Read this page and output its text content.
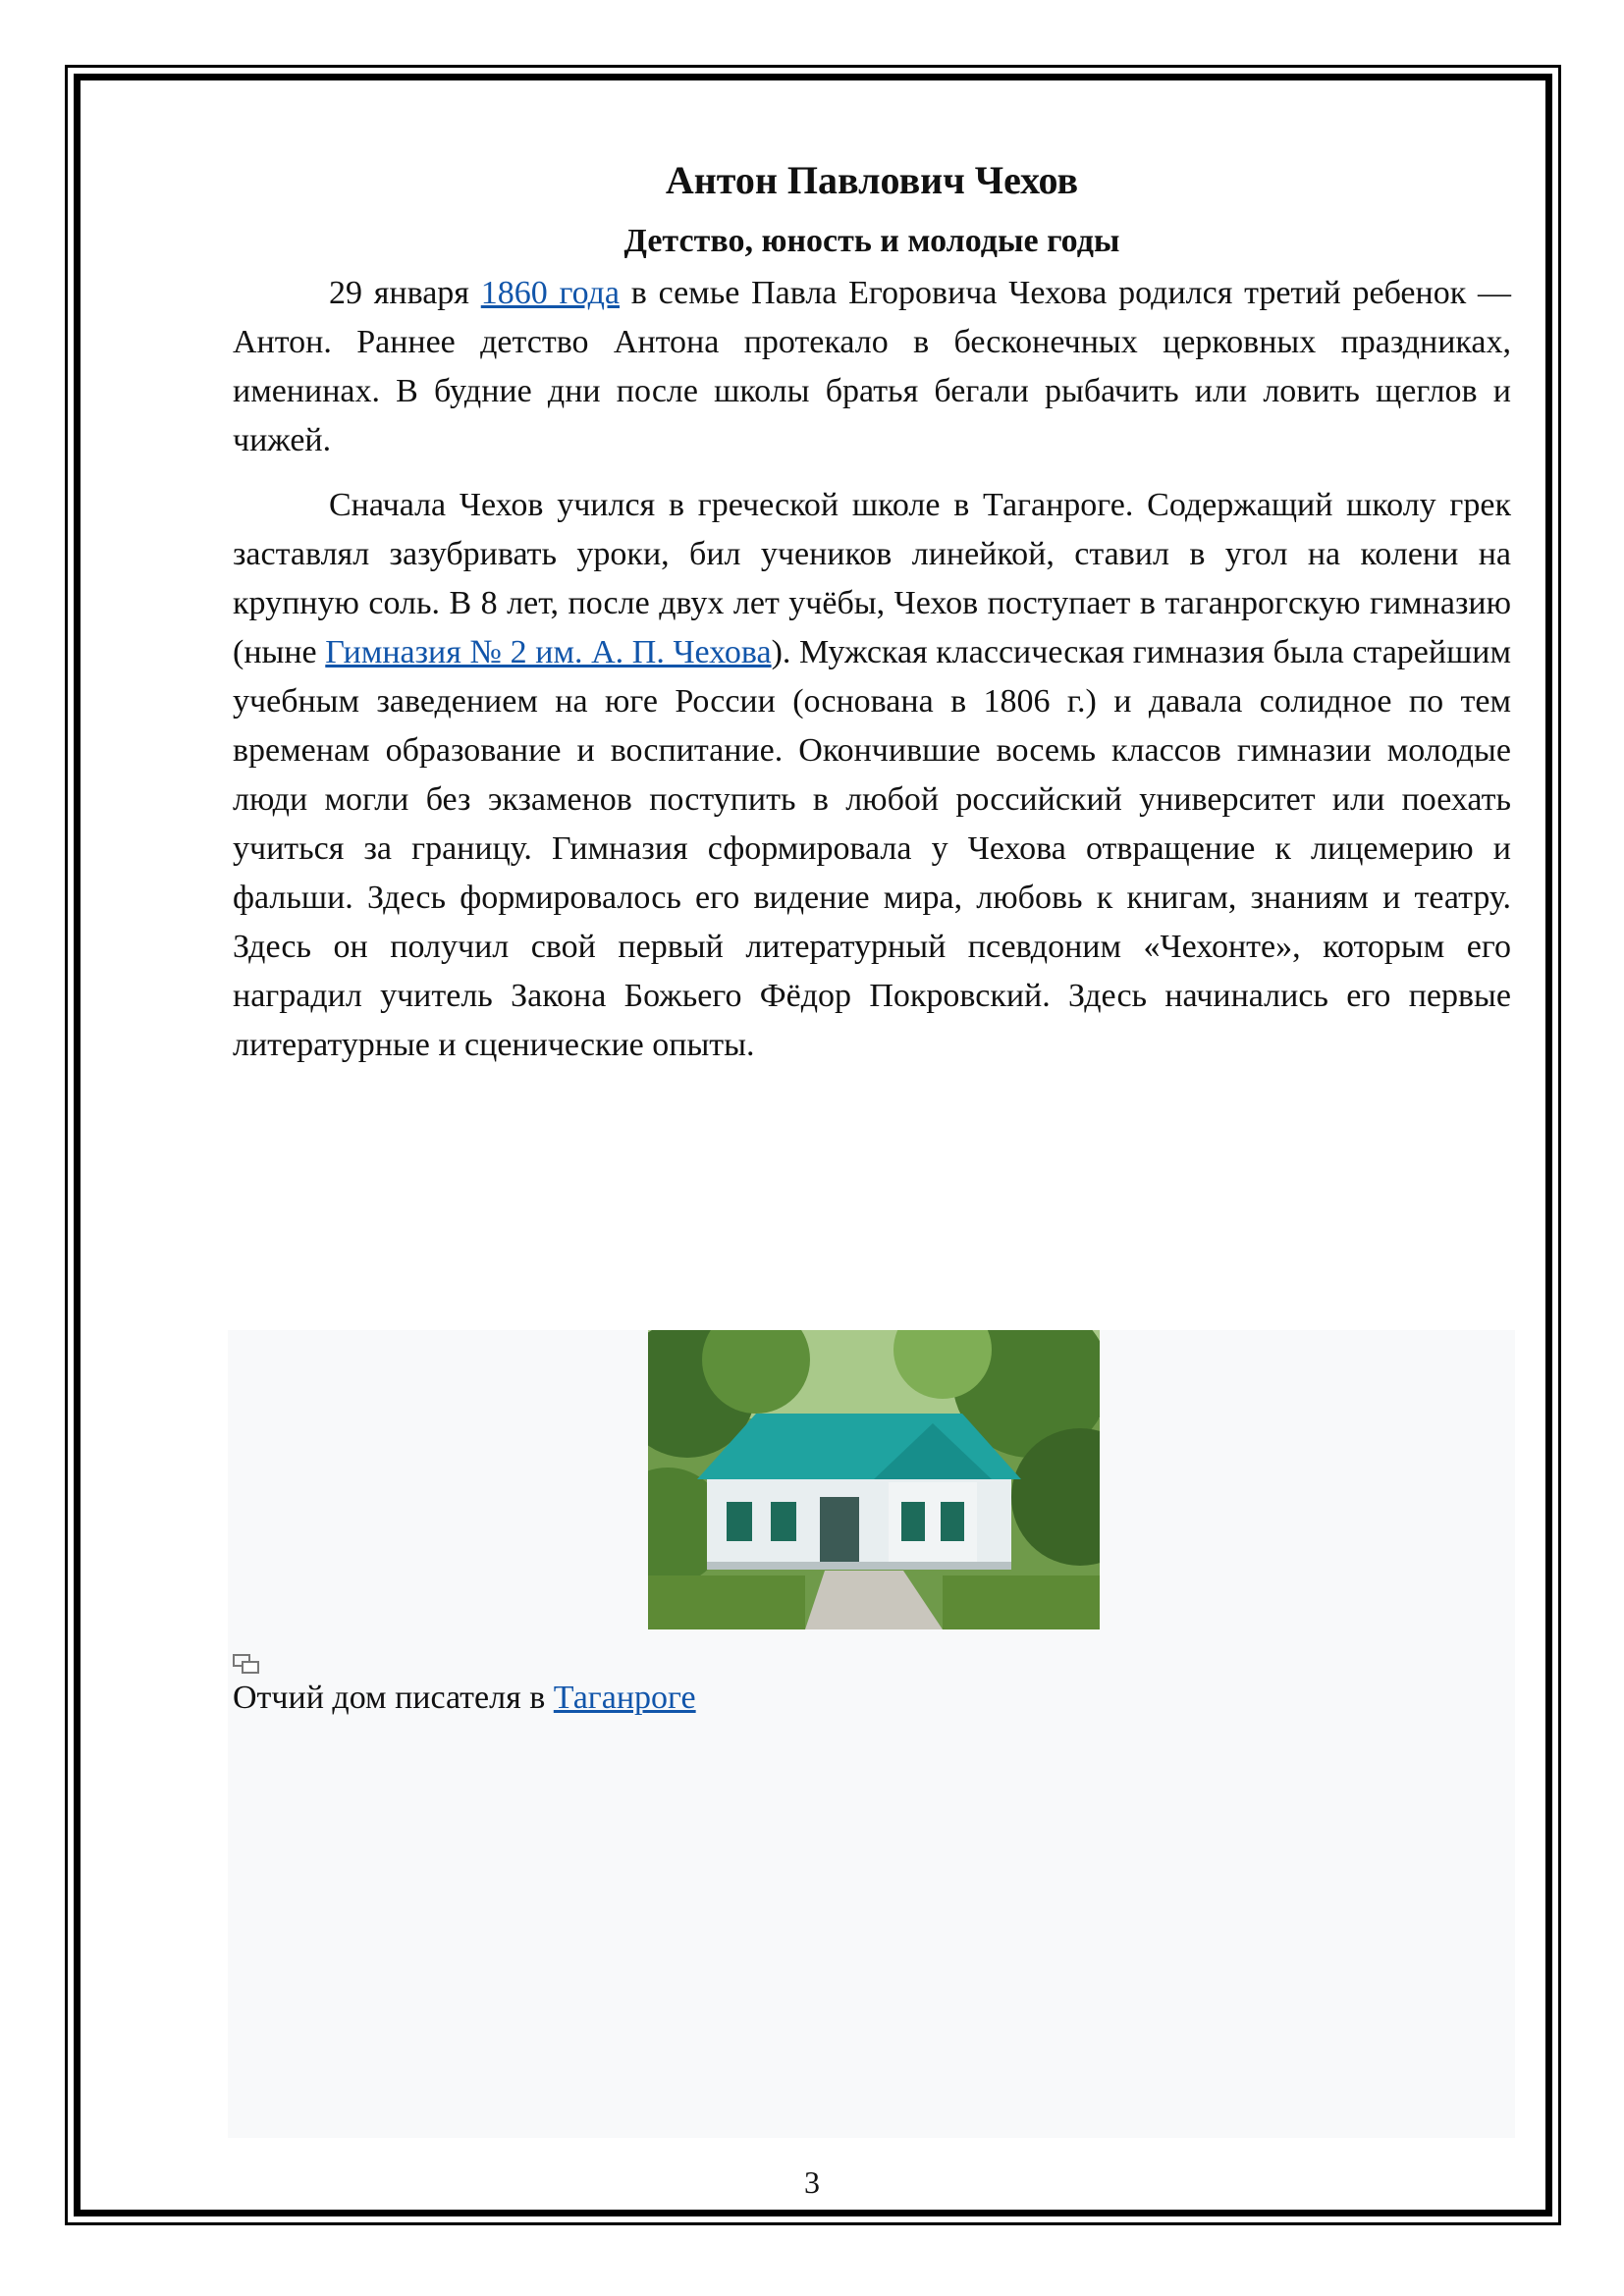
Антон Павлович Чехов
Детство, юность и молодые годы

29 января 1860 года в семье Павла Егоровича Чехова родился третий ребенок — Антон. Раннее детство Антона протекало в бесконечных церковных праздниках, именинах. В будние дни после школы братья бегали рыбачить или ловить щеглов и чижей.

Сначала Чехов учился в греческой школе в Таганроге. Содержащий школу грек заставлял зазубривать уроки, бил учеников линейкой, ставил в угол на колени на крупную соль. В 8 лет, после двух лет учёбы, Чехов поступает в таганрогскую гимназию (ныне Гимназия № 2 им. А. П. Чехова). Мужская классическая гимназия была старейшим учебным заведением на юге России (основана в 1806 г.) и давала солидное по тем временам образование и воспитание. Окончившие восемь классов гимназии молодые люди могли без экзаменов поступить в любой российский университет или поехать учиться за границу. Гимназия сформировала у Чехова отвращение к лицемерию и фальши. Здесь формировалось его видение мира, любовь к книгам, знаниям и театру. Здесь он получил свой первый литературный псевдоним «Чехонте», которым его наградил учитель Закона Божьего Фёдор Покровский. Здесь начинались его первые литературные и сценические опыты.

Отчий дом писателя в Таганроге
3
